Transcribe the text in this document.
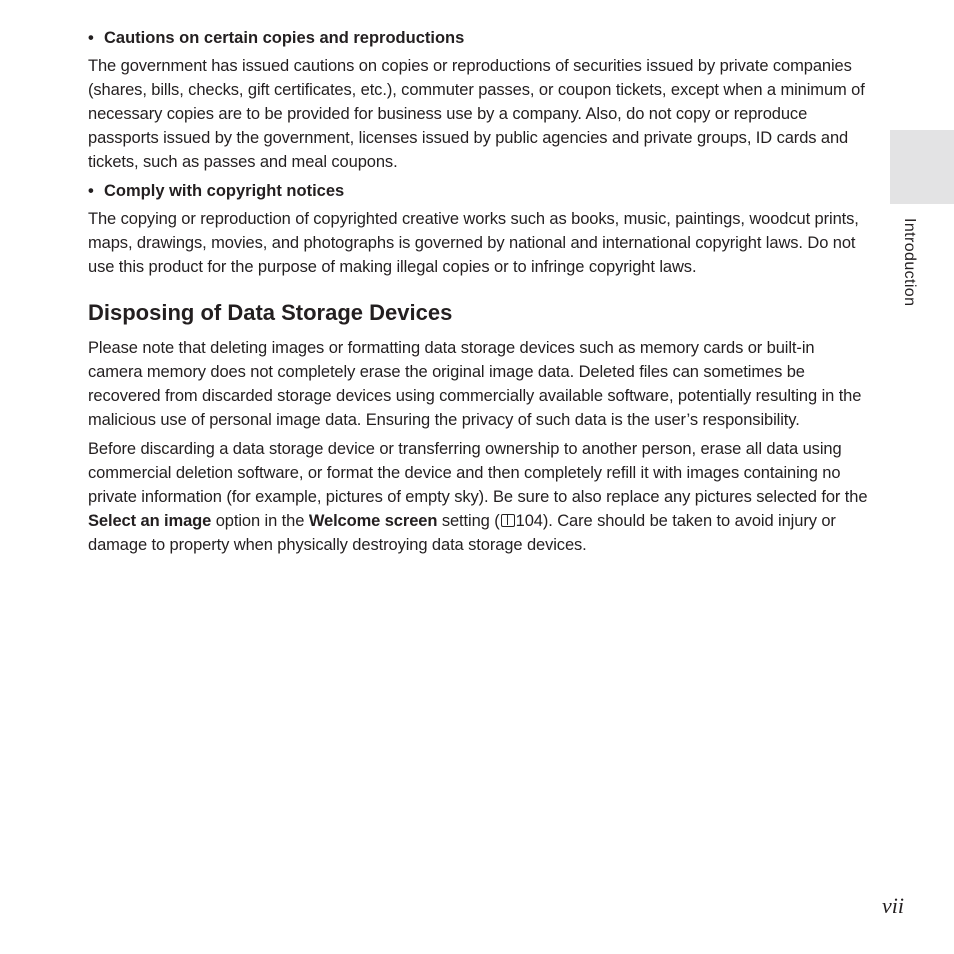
Introduction
• Cautions on certain copies and reproductions

The government has issued cautions on copies or reproductions of securities issued by private companies (shares, bills, checks, gift certificates, etc.), commuter passes, or coupon tickets, except when a minimum of necessary copies are to be provided for business use by a company. Also, do not copy or reproduce passports issued by the government, licenses issued by public agencies and private groups, ID cards and tickets, such as passes and meal coupons.

• Comply with copyright notices

The copying or reproduction of copyrighted creative works such as books, music, paintings, woodcut prints, maps, drawings, movies, and photographs is governed by national and international copyright laws. Do not use this product for the purpose of making illegal copies or to infringe copyright laws.

Disposing of Data Storage Devices

Please note that deleting images or formatting data storage devices such as memory cards or built-in camera memory does not completely erase the original image data. Deleted files can sometimes be recovered from discarded storage devices using commercially available software, potentially resulting in the malicious use of personal image data. Ensuring the privacy of such data is the user’s responsibility.

Before discarding a data storage device or transferring ownership to another person, erase all data using commercial deletion software, or format the device and then completely refill it with images containing no private information (for example, pictures of empty sky). Be sure to also replace any pictures selected for the Select an image option in the Welcome screen setting ( 104). Care should be taken to avoid injury or damage to property when physically destroying data storage devices.

vii
